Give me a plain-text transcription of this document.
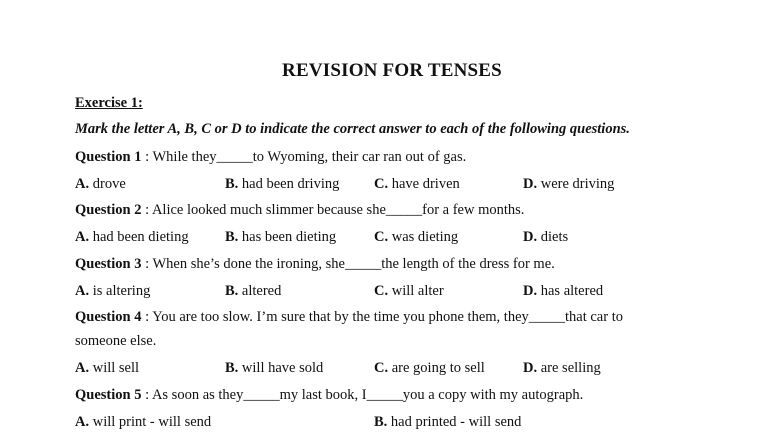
REVISION FOR TENSES
Exercise 1:
Mark the letter A, B, C or D to indicate the correct answer to each of the following questions.
Question 1 : While they_____to Wyoming, their car ran out of gas.
A. drove	B. had been driving C. have driven	D. were driving
Question 2 : Alice looked much slimmer because she_____for a few months.
A. had been dieting	B. has been dieting	C. was dieting	D. diets
Question 3 : When she’s done the ironing, she_____the length of the dress for me.
A. is altering	B. altered	C. will alter	D. has altered
Question 4 : You are too slow. I’m sure that by the time you phone them, they_____that car to
someone else.
A. will sell	B. will have sold	C. are going to sell	D. are selling
Question 5 : As soon as they_____my last book, I_____you a copy with my autograph.
A. will print - will send	B. had printed - will send
